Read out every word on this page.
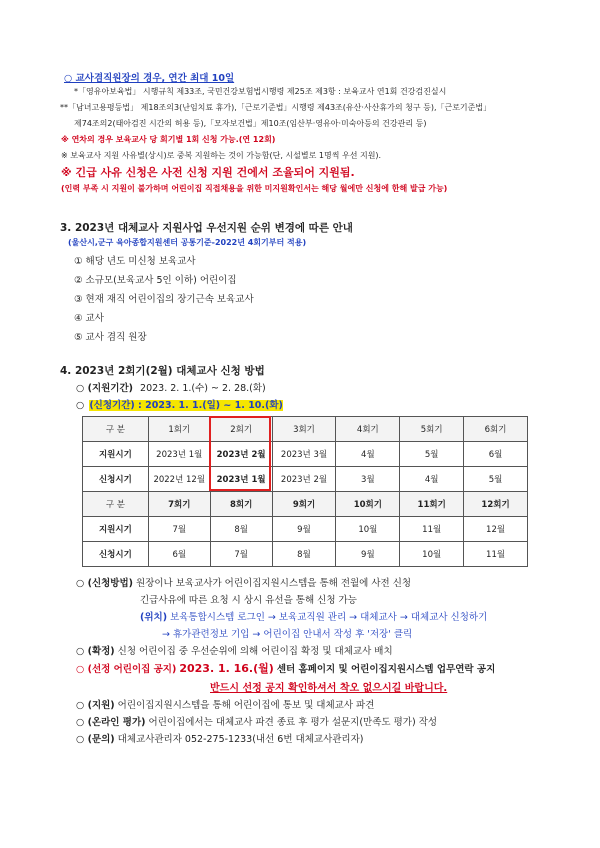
○ 교사겸직원장의 경우, 연간 최대 10일
*「영유아보육법」 시행규칙 제33조, 국민건강보험법시행령 제25조 제3항 : 보육교사 연1회 건강검진실시
**「남녀고용평등법」 제18조의3(난임치료 휴가),「근로기준법」시행령 제43조(유산·사산휴가의 청구 등),「근로기준법」
제74조의2(태아검진 시간의 허용 등),「모자보건법」제10조(임산부·영유아·미숙아등의 건강관리 등)
※ 연차의 경우 보육교사 당 회기별 1회 신청 가능.(연 12회)
※ 보육교사 지원 사유별(상시)로 중복 지원하는 것이 가능함(단, 시설별로 1명씩 우선 지원).
※ 긴급 사유 신청은 사전 신청 지원 건에서 조율되어 지원됨.
(인력 부족 시 지원이 불가하며 어린이집 직접채용을 위한 미지원확인서는 해당 월에만 신청에 한해 발급 가능)
3. 2023년 대체교사 지원사업 우선지원 순위 변경에 따른 안내
(울산시,군구 육아종합지원센터 공통기준-2022년 4회기부터 적용)
① 해당 년도 미신청 보육교사
② 소규모(보육교사 5인 이하) 어린이집
③ 현재 재직 어린이집의 장기근속 보육교사
④ 교사
⑤ 교사 겸직 원장
4. 2023년 2회기(2월) 대체교사 신청 방법
○ (지원기간) 2023. 2. 1.(수) ~ 2. 28.(화)
○ (신청기간) : 2023. 1. 1.(일) ~ 1. 10.(화)
구 분	1회기	2회기	3회기	4회기	5회기	6회기
지원시기	2023년 1월	2023년 2월	2023년 3월	4월	5월	6월
신청시기	2022년 12월	2023년 1월	2023년 2월	3월	4월	5월
구 분	7회기	8회기	9회기	10회기	11회기	12회기
지원시기	7월	8월	9월	10월	11월	12월
신청시기	6월	7월	8월	9월	10월	11월
○ (신청방법) 원장이나 보육교사가 어린이집지원시스템을 통해 전월에 사전 신청
긴급사유에 따른 요청 시 상시 유선을 통해 신청 가능
(위치) 보육통합시스템 로그인 → 보육교직원 관리 → 대체교사 → 대체교사 신청하기
→ 휴가관련정보 기입 → 어린이집 안내서 작성 후 '저장' 클릭
○ (확정) 신청 어린이집 중 우선순위에 의해 어린이집 확정 및 대체교사 배치
○ (선정 어린이집 공지) 2023. 1. 16.(월) 센터 홈페이지 및 어린이집지원시스템 업무연락 공지
반드시 선정 공지 확인하셔서 착오 없으시길 바랍니다.
○ (지원) 어린이집지원시스템을 통해 어린이집에 통보 및 대체교사 파견
○ (온라인 평가) 어린이집에서는 대체교사 파견 종료 후 평가 설문지(만족도 평가) 작성
○ (문의) 대체교사관리자 052-275-1233(내선 6번 대체교사관리자)
